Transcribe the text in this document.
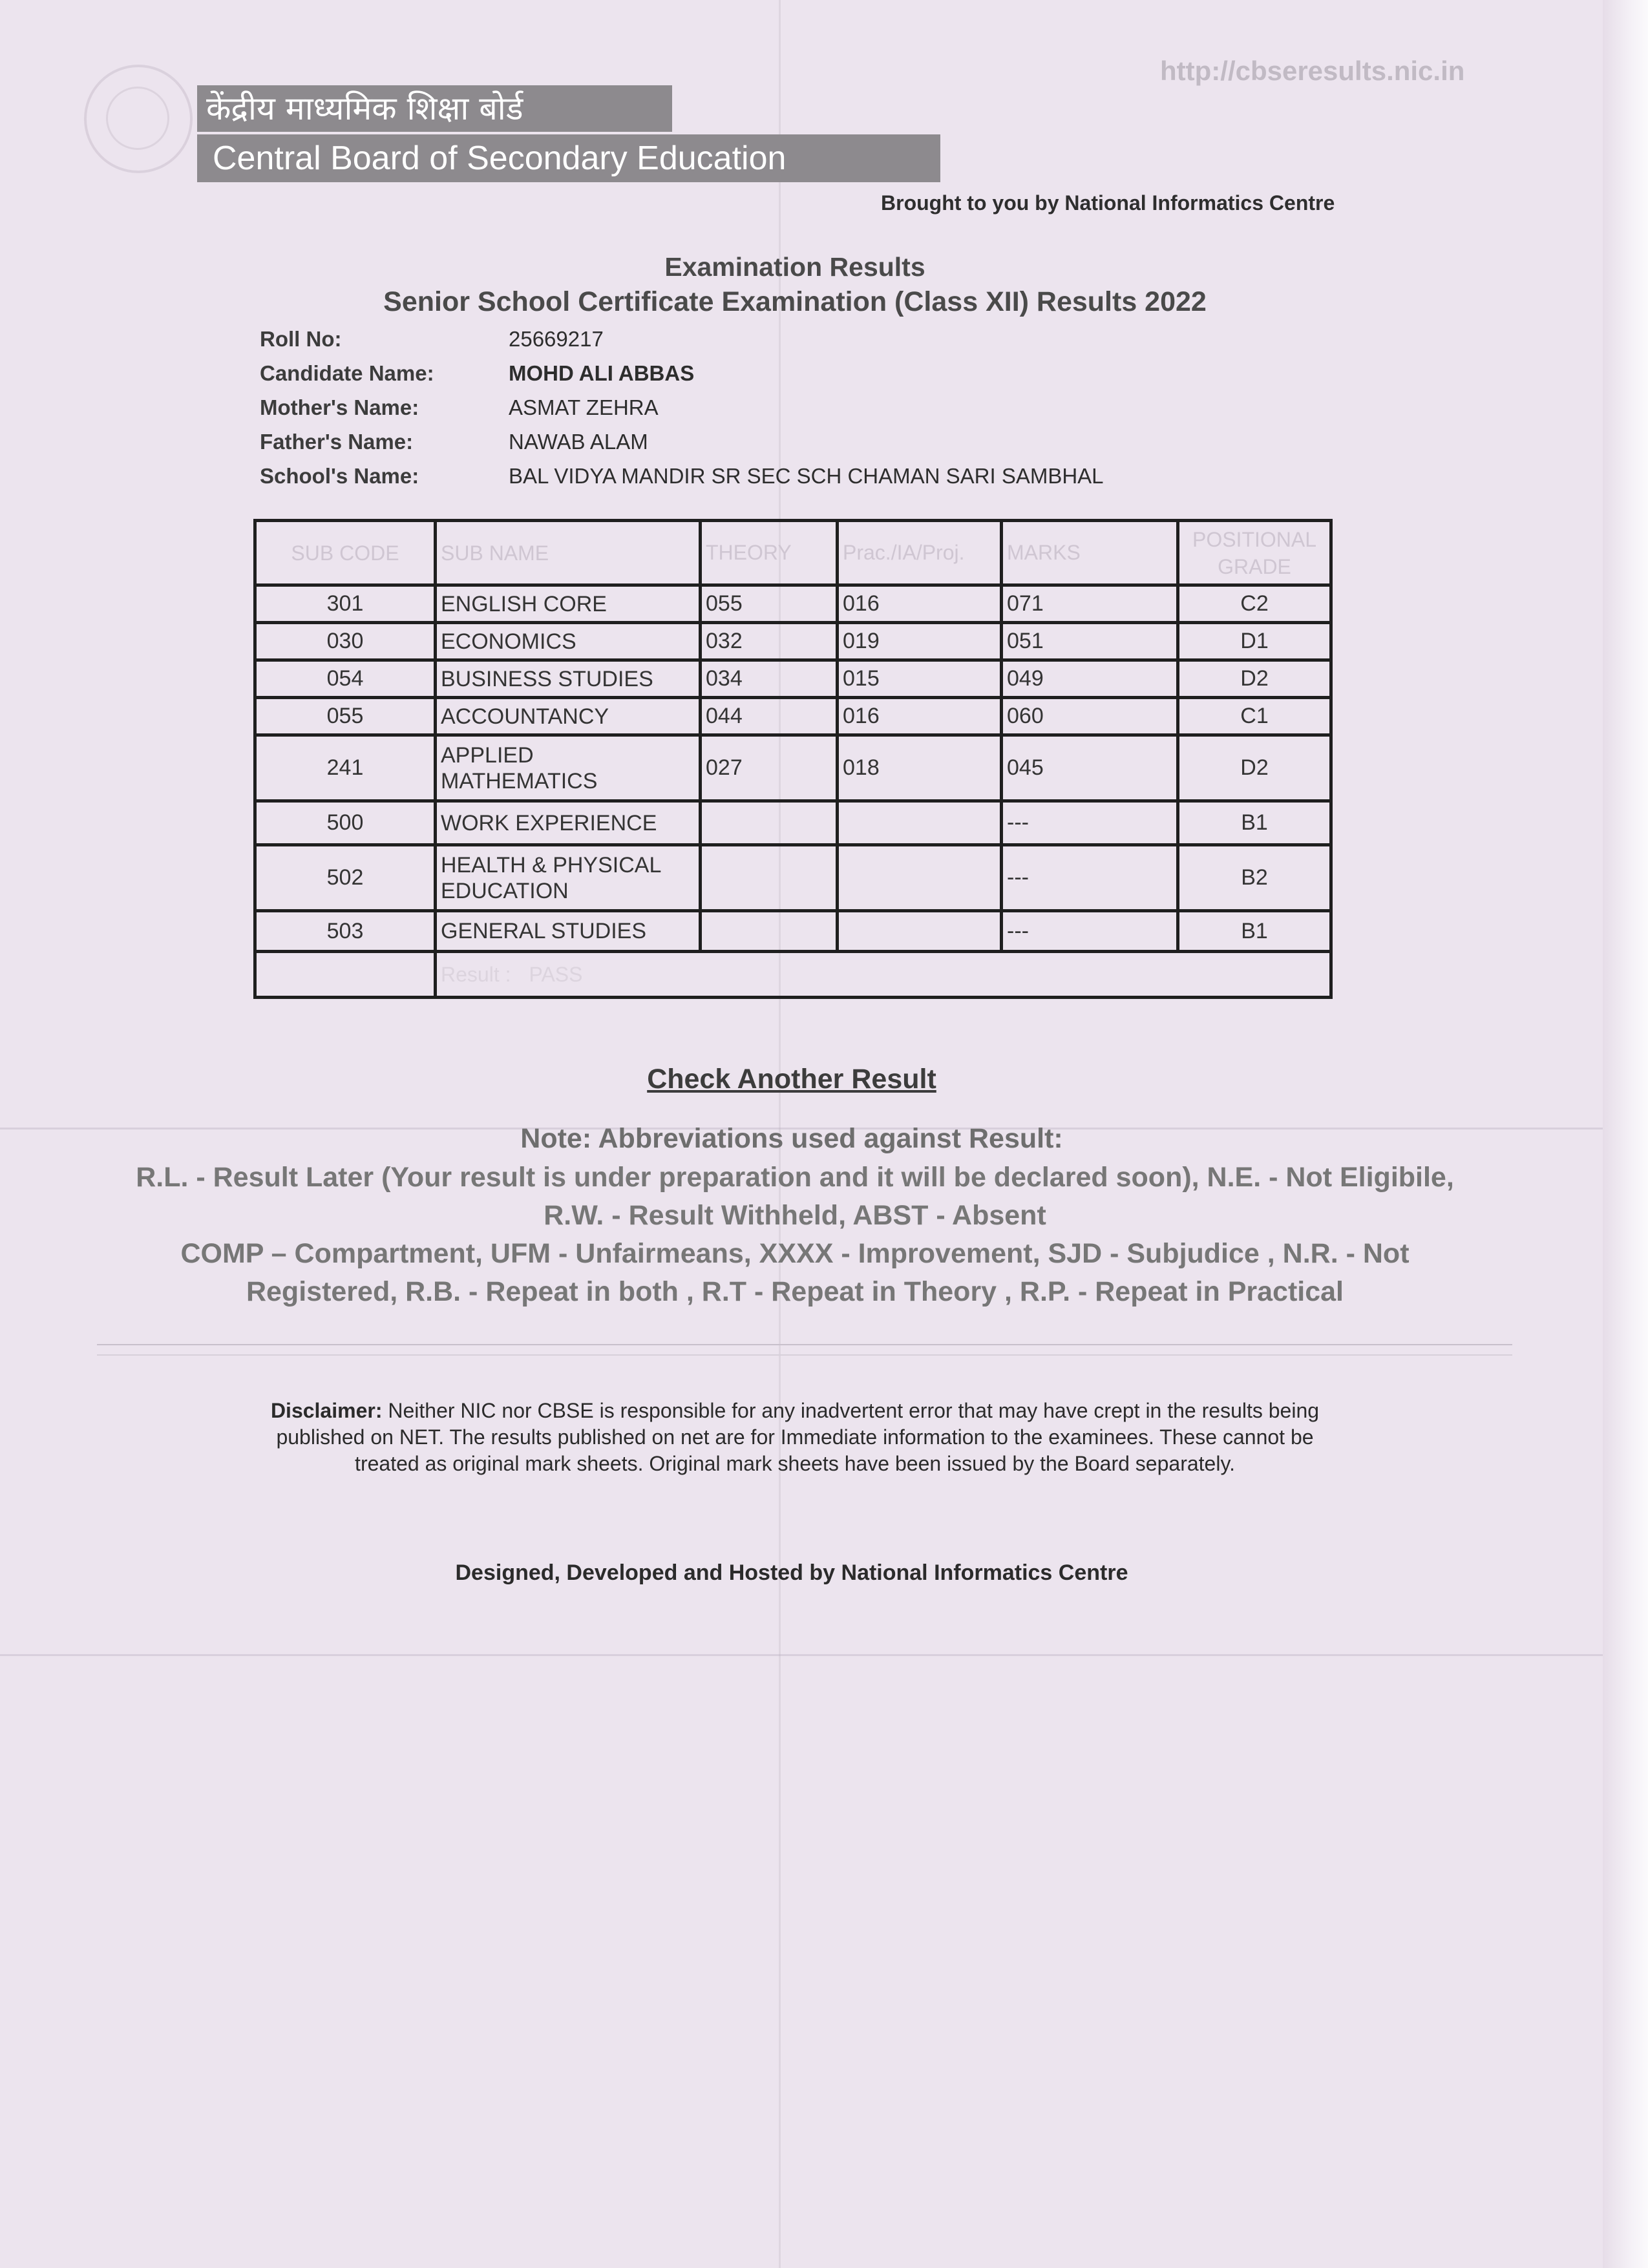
केंद्रीय माध्यमिक शिक्षा बोर्ड
Central Board of Secondary Education
http://cbseresults.nic.in
Brought to you by National Informatics Centre
Examination Results
Senior School Certificate Examination (Class XII) Results 2022
Roll No:	25669217
Candidate Name:	MOHD ALI ABBAS
Mother's Name:	ASMAT ZEHRA
Father's Name:	NAWAB ALAM
School's Name:	BAL VIDYA MANDIR SR SEC SCH CHAMAN SARI SAMBHAL
SUB CODE	SUB NAME	THEORY	Prac./IA/Proj.	MARKS	POSITIONAL
GRADE
301	ENGLISH CORE	055	016	071	C2
030	ECONOMICS	032	019	051	D1
054	BUSINESS STUDIES	034	015	049	D2
055	ACCOUNTANCY	044	016	060	C1
241	APPLIED MATHEMATICS	027	018	045	D2
500	WORK EXPERIENCE			---	B1
502	HEALTH & PHYSICAL EDUCATION			---	B2
503	GENERAL STUDIES			---	B1
	Result : PASS				
Check Another Result
Note: Abbreviations used against Result:
R.L. - Result Later (Your result is under preparation and it will be declared soon), N.E. - Not Eligibile,
R.W. - Result Withheld, ABST - Absent
COMP – Compartment, UFM - Unfairmeans, XXXX - Improvement, SJD - Subjudice , N.R. - Not
Registered, R.B. - Repeat in both , R.T - Repeat in Theory , R.P. - Repeat in Practical
Disclaimer: Neither NIC nor CBSE is responsible for any inadvertent error that may have crept in the results being published on NET. The results published on net are for Immediate information to the examinees. These cannot be treated as original mark sheets. Original mark sheets have been issued by the Board separately.
Designed, Developed and Hosted by National Informatics Centre
